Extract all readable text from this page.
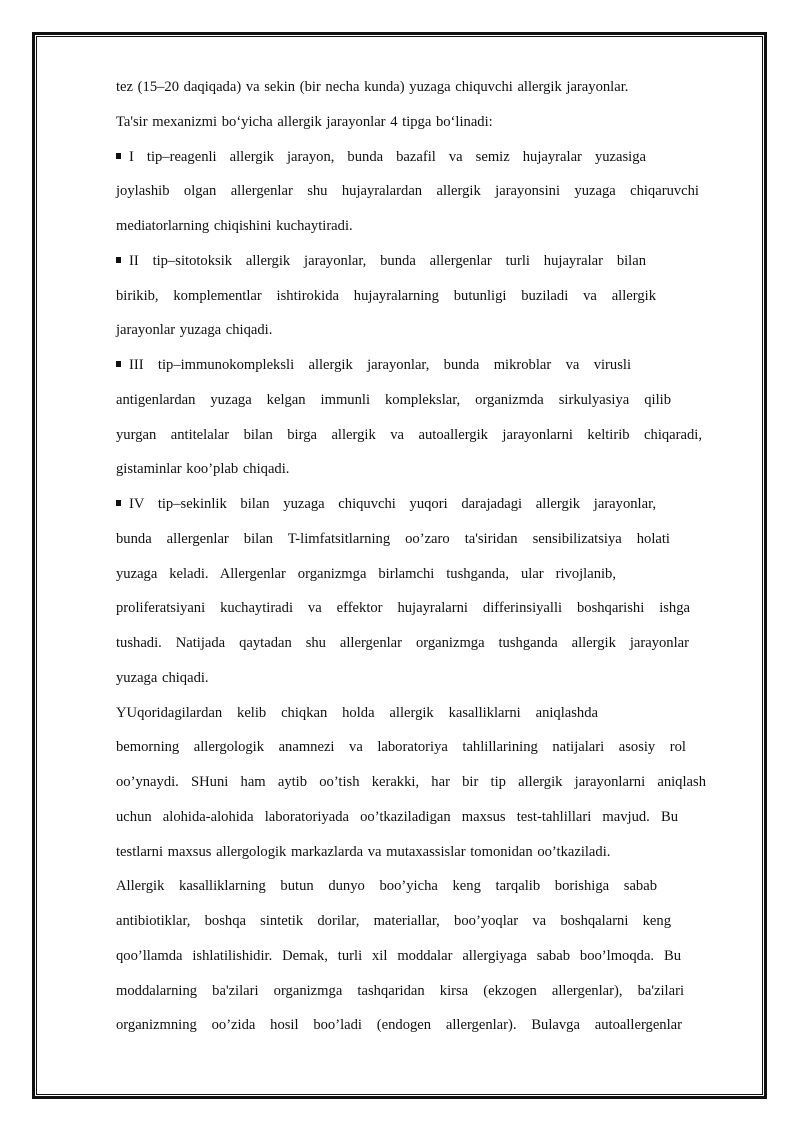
tez (15–20 daqiqada) va sekin (bir necha kunda) yuzaga chiquvchi allergik jarayonlar.
Ta'sir mexanizmi bo‘yicha allergik jarayonlar 4 tipga bo‘linadi:
I tip–reagenli allergik jarayon, bunda bazafil va semiz hujayralar yuzasiga
joylashib olgan allergenlar shu hujayralardan allergik jarayonsini yuzaga chiqaruvchi
mediatorlarning chiqishini kuchaytiradi.
II tip–sitotoksik allergik jarayonlar, bunda allergenlar turli hujayralar bilan
birikib, komplementlar ishtirokida hujayralarning butunligi buziladi va allergik
jarayonlar yuzaga chiqadi.
III tip–immunokompleksli allergik jarayonlar, bunda mikroblar va virusli
antigenlardan yuzaga kelgan immunli komplekslar, organizmda sirkulyasiya qilib
yurgan antitelalar bilan birga allergik va autoallergik jarayonlarni keltirib chiqaradi,
gistaminlar koo’plab chiqadi.
IV tip–sekinlik bilan yuzaga chiquvchi yuqori darajadagi allergik jarayonlar,
bunda allergenlar bilan T-limfatsitlarning oo’zaro ta'siridan sensibilizatsiya holati
yuzaga keladi. Allergenlar organizmga birlamchi tushganda, ular rivojlanib,
proliferatsiyani kuchaytiradi va effektor hujayralarni differinsiyalli boshqarishi ishga
tushadi. Natijada qaytadan shu allergenlar organizmga tushganda allergik jarayonlar
yuzaga chiqadi.
YUqoridagilardan kelib chiqkan holda allergik kasalliklarni aniqlashda
bemorning allergologik anamnezi va laboratoriya tahlillarining natijalari asosiy rol
oo’ynaydi. SHuni ham aytib oo’tish kerakki, har bir tip allergik jarayonlarni aniqlash
uchun alohida-alohida laboratoriyada oo’tkaziladigan maxsus test-tahlillari mavjud. Bu
testlarni maxsus allergologik markazlarda va mutaxassislar tomonidan oo’tkaziladi.
Allergik kasalliklarning butun dunyo boo’yicha keng tarqalib borishiga sabab
antibiotiklar, boshqa sintetik dorilar, materiallar, boo’yoqlar va boshqalarni keng
qoo’llamda ishlatilishidir. Demak, turli xil moddalar allergiyaga sabab boo’lmoqda. Bu
moddalarning ba'zilari organizmga tashqaridan kirsa (ekzogen allergenlar), ba'zilari
organizmning oo’zida hosil boo’ladi (endogen allergenlar). Bulavga autoallergenlar
